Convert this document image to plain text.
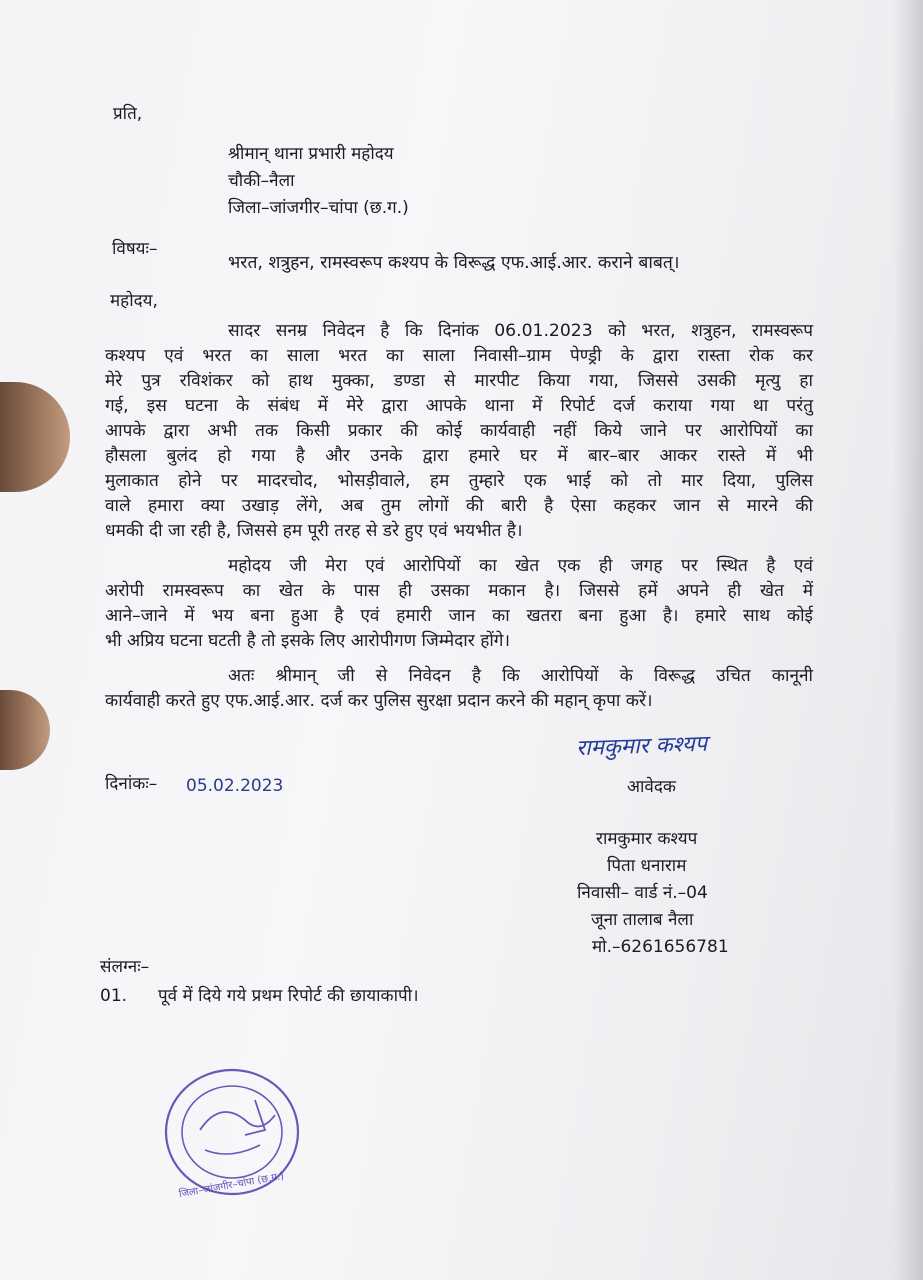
प्रति,
श्रीमान् थाना प्रभारी महोदय
चौकी–नैला
जिला–जांजगीर–चांपा (छ.ग.)
विषयः–
भरत, शत्रुहन, रामस्वरूप कश्यप के विरूद्ध एफ.आई.आर. कराने बाबत्।
महोदय,
सादर सनम्र निवेदन है कि दिनांक 06.01.2023 को भरत, शत्रुहन, रामस्वरूप
कश्यप एवं भरत का साला भरत का साला निवासी–ग्राम पेण्ड्री के द्वारा रास्ता रोक कर
मेरे पुत्र रविशंकर को हाथ मुक्का, डण्डा से मारपीट किया गया, जिससे उसकी मृत्यु हा
गई, इस घटना के संबंध में मेरे द्वारा आपके थाना में रिपोर्ट दर्ज कराया गया था परंतु
आपके द्वारा अभी तक किसी प्रकार की कोई कार्यवाही नहीं किये जाने पर आरोपियों का
हौसला बुलंद हो गया है और उनके द्वारा हमारे घर में बार–बार आकर रास्ते में भी
मुलाकात होने पर मादरचोद, भोसड़ीवाले, हम तुम्हारे एक भाई को तो मार दिया, पुलिस
वाले हमारा क्या उखाड़ लेंगे, अब तुम लोगों की बारी है ऐसा कहकर जान से मारने की
धमकी दी जा रही है, जिससे हम पूरी तरह से डरे हुए एवं भयभीत है।
महोदय जी मेरा एवं आरोपियों का खेत एक ही जगह पर स्थित है एवं
अरोपी रामस्वरूप का खेत के पास ही उसका मकान है। जिससे हमें अपने ही खेत में
आने–जाने में भय बना हुआ है एवं हमारी जान का खतरा बना हुआ है। हमारे साथ कोई
भी अप्रिय घटना घटती है तो इसके लिए आरोपीगण जिम्मेदार होंगे।
अतः श्रीमान् जी से निवेदन है कि आरोपियों के विरूद्ध उचित कानूनी
कार्यवाही करते हुए एफ.आई.आर. दर्ज कर पुलिस सुरक्षा प्रदान करने की महान् कृपा करें।
रामकुमार कश्यप
दिनांकः– 05.02.2023	आवेदक
रामकुमार कश्यप
पिता धनाराम
निवासी– वार्ड नं.–04
जूना तालाब नैला
मो.–6261656781
संलग्नः–
01. पूर्व में दिये गये प्रथम रिपोर्ट की छायाकापी।
जिला–जांजगीर–चांपा (छ.ग.)
